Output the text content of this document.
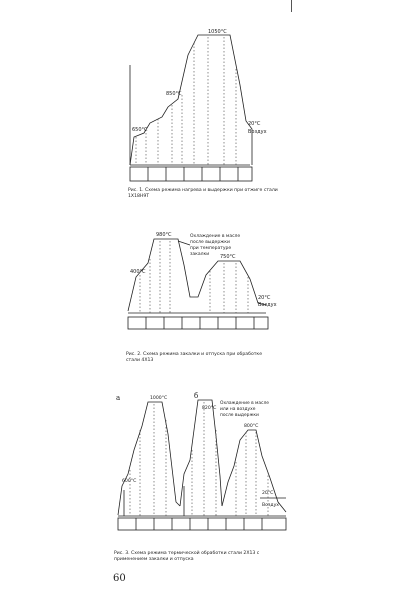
1050°C
850°C
650°C
20°C
Воздух
Рис. 1. Схема режима нагрева и выдержки при отжиге стали 1Х18Н9Т
980°C
750°C
400°C
20°C
Воздух
Охлаждение в масле
после выдержки
при температуре
закалки
Рис. 2. Схема режима закалки и отпуска при обработке стали 4Х13
а	б
1000°C
820°C
800°C
600°C
20°C
Воздух
Охлаждение в масле
или на воздухе
после выдержки
Рис. 3. Схема режима термической обработки стали 2Х13 с применением закалки и отпуска
60
